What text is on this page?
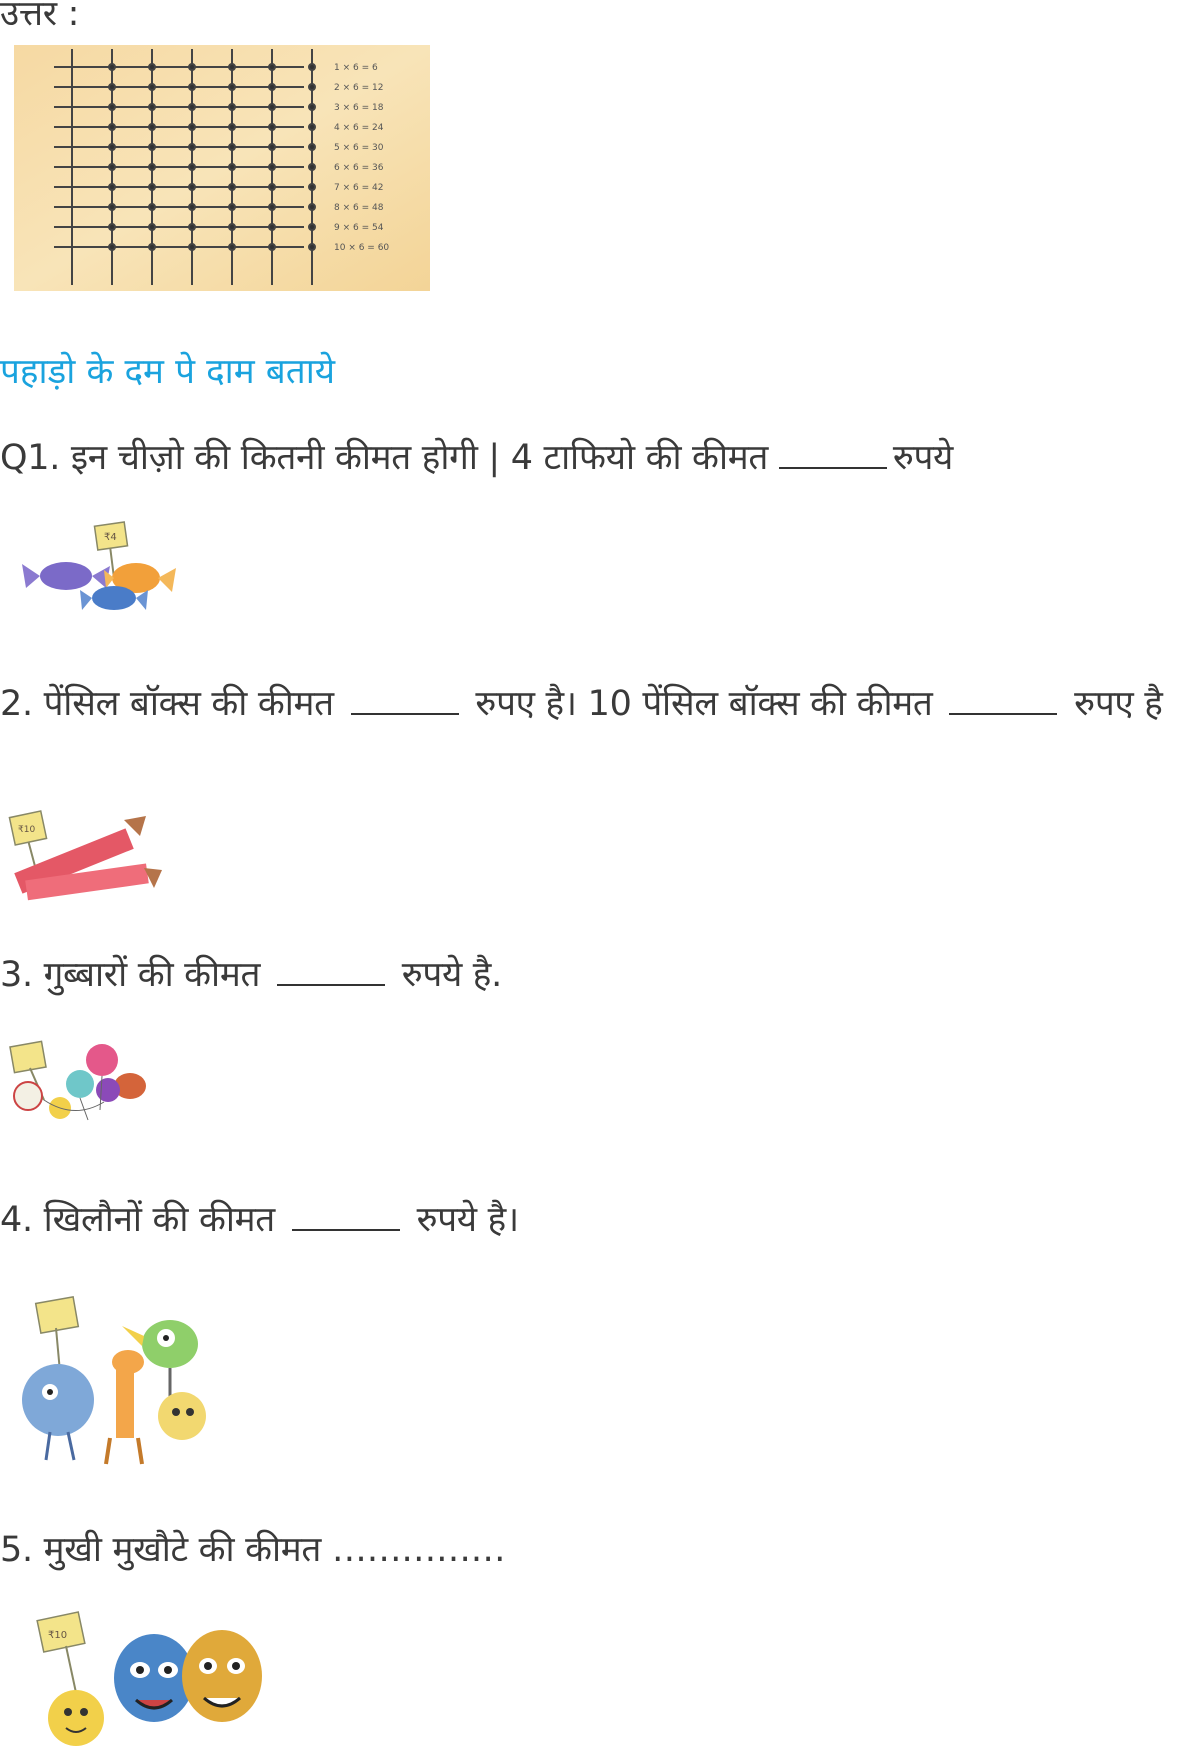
उत्तर :
1 × 6 = 6
2 × 6 = 12
3 × 6 = 18
4 × 6 = 24
5 × 6 = 30
6 × 6 = 36
7 × 6 = 42
8 × 6 = 48
9 × 6 = 54
10 × 6 = 60
पहाड़ो के दम पे दाम बताये
Q1. इन चीज़ो की कितनी कीमत होगी | 4 टाफियो की कीमत	रुपये
₹4
2. पेंसिल बॉक्स की कीमत	रुपए है। 10 पेंसिल बॉक्स की कीमत	रुपए है
₹10
3. गुब्बारों की कीमत	रुपये है.
4. खिलौनों की कीमत	रुपये है।
5. मुखी मुखौटे की कीमत ……………
₹10
